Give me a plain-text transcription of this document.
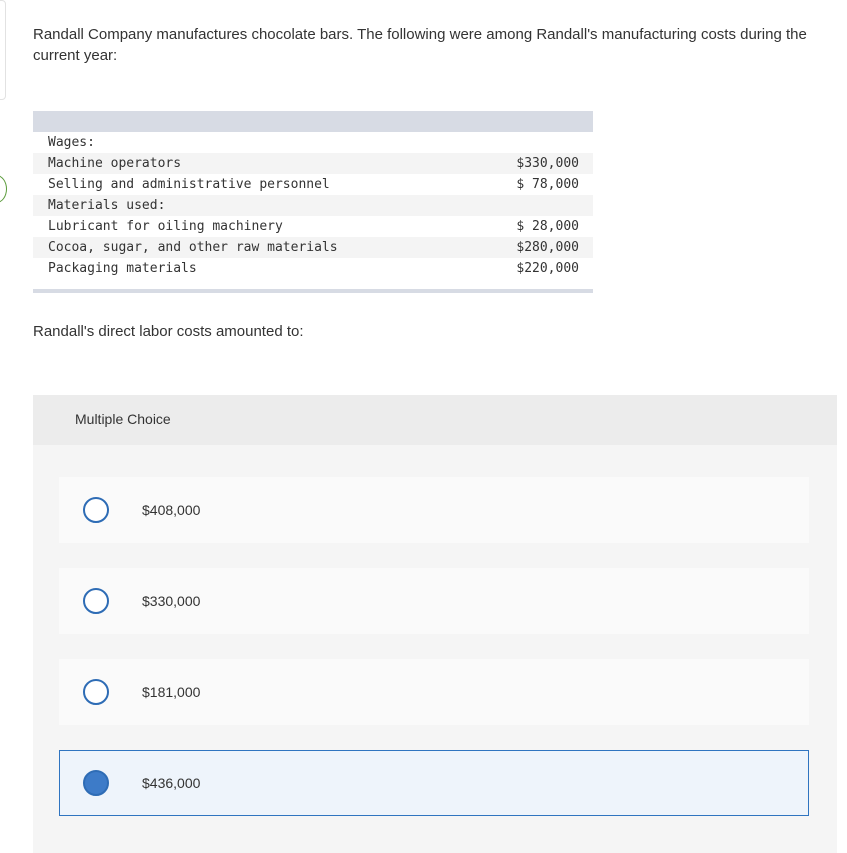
Randall Company manufactures chocolate bars. The following were among Randall's manufacturing costs during the current year:
Wages:
Machine operators	$330,000
Selling and administrative personnel	$ 78,000
Materials used:
Lubricant for oiling machinery	$ 28,000
Cocoa, sugar, and other raw materials	$280,000
Packaging materials	$220,000
Randall's direct labor costs amounted to:
Multiple Choice
$408,000
$330,000
$181,000
$436,000
